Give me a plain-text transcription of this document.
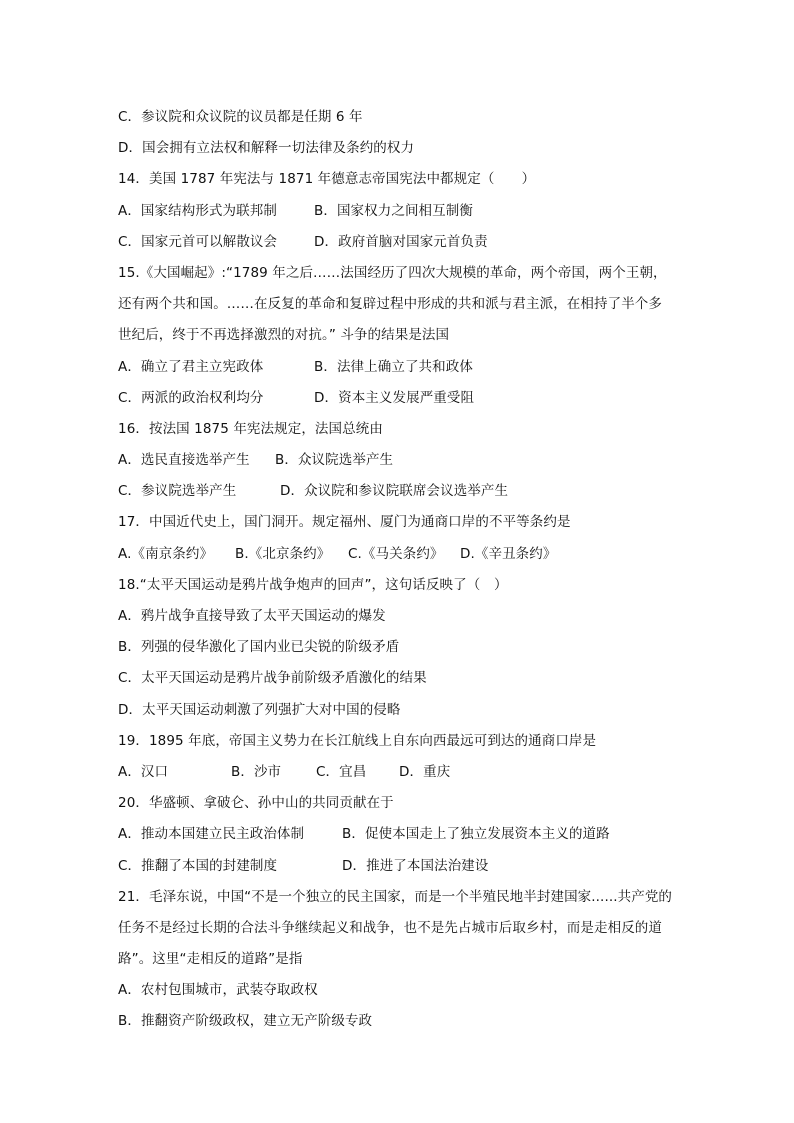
C．参议院和众议院的议员都是任期 6 年
D．国会拥有立法权和解释一切法律及条约的权力
14．美国 1787 年宪法与 1871 年德意志帝国宪法中都规定（　　）
A．国家结构形式为联邦制	B．国家权力之间相互制衡
C．国家元首可以解散议会	D．政府首脑对国家元首负责
15.《大国崛起》:“1789 年之后……法国经历了四次大规模的革命，两个帝国，两个王朝，
还有两个共和国。……在反复的革命和复辟过程中形成的共和派与君主派，在相持了半个多
世纪后，终于不再选择激烈的对抗。” 斗争的结果是法国
A．确立了君主立宪政体	B．法律上确立了共和政体
C．两派的政治权利均分	D．资本主义发展严重受阻
16．按法国 1875 年宪法规定，法国总统由
A．选民直接选举产生 B．众议院选举产生
C．参议院选举产生	D．众议院和参议院联席会议选举产生
17．中国近代史上，国门洞开。规定福州、厦门为通商口岸的不平等条约是
A.《南京条约》 B.《北京条约》 C.《马关条约》 D.《辛丑条约》
18.“太平天国运动是鸦片战争炮声的回声”，这句话反映了（　）
A．鸦片战争直接导致了太平天国运动的爆发
B．列强的侵华激化了国内业已尖锐的阶级矛盾
C．太平天国运动是鸦片战争前阶级矛盾激化的结果
D．太平天国运动刺激了列强扩大对中国的侵略
19．1895 年底，帝国主义势力在长江航线上自东向西最远可到达的通商口岸是
A．汉口	B．沙市	C．宜昌 D．重庆
20．华盛顿、拿破仑、孙中山的共同贡献在于
A．推动本国建立民主政治体制	B．促使本国走上了独立发展资本主义的道路
C．推翻了本国的封建制度	D．推进了本国法治建设
21．毛泽东说，中国“不是一个独立的民主国家，而是一个半殖民地半封建国家......共产党的
任务不是经过长期的合法斗争继续起义和战争，也不是先占城市后取乡村，而是走相反的道
路”。这里“走相反的道路”是指
A．农村包围城市，武装夺取政权
B．推翻资产阶级政权，建立无产阶级专政
